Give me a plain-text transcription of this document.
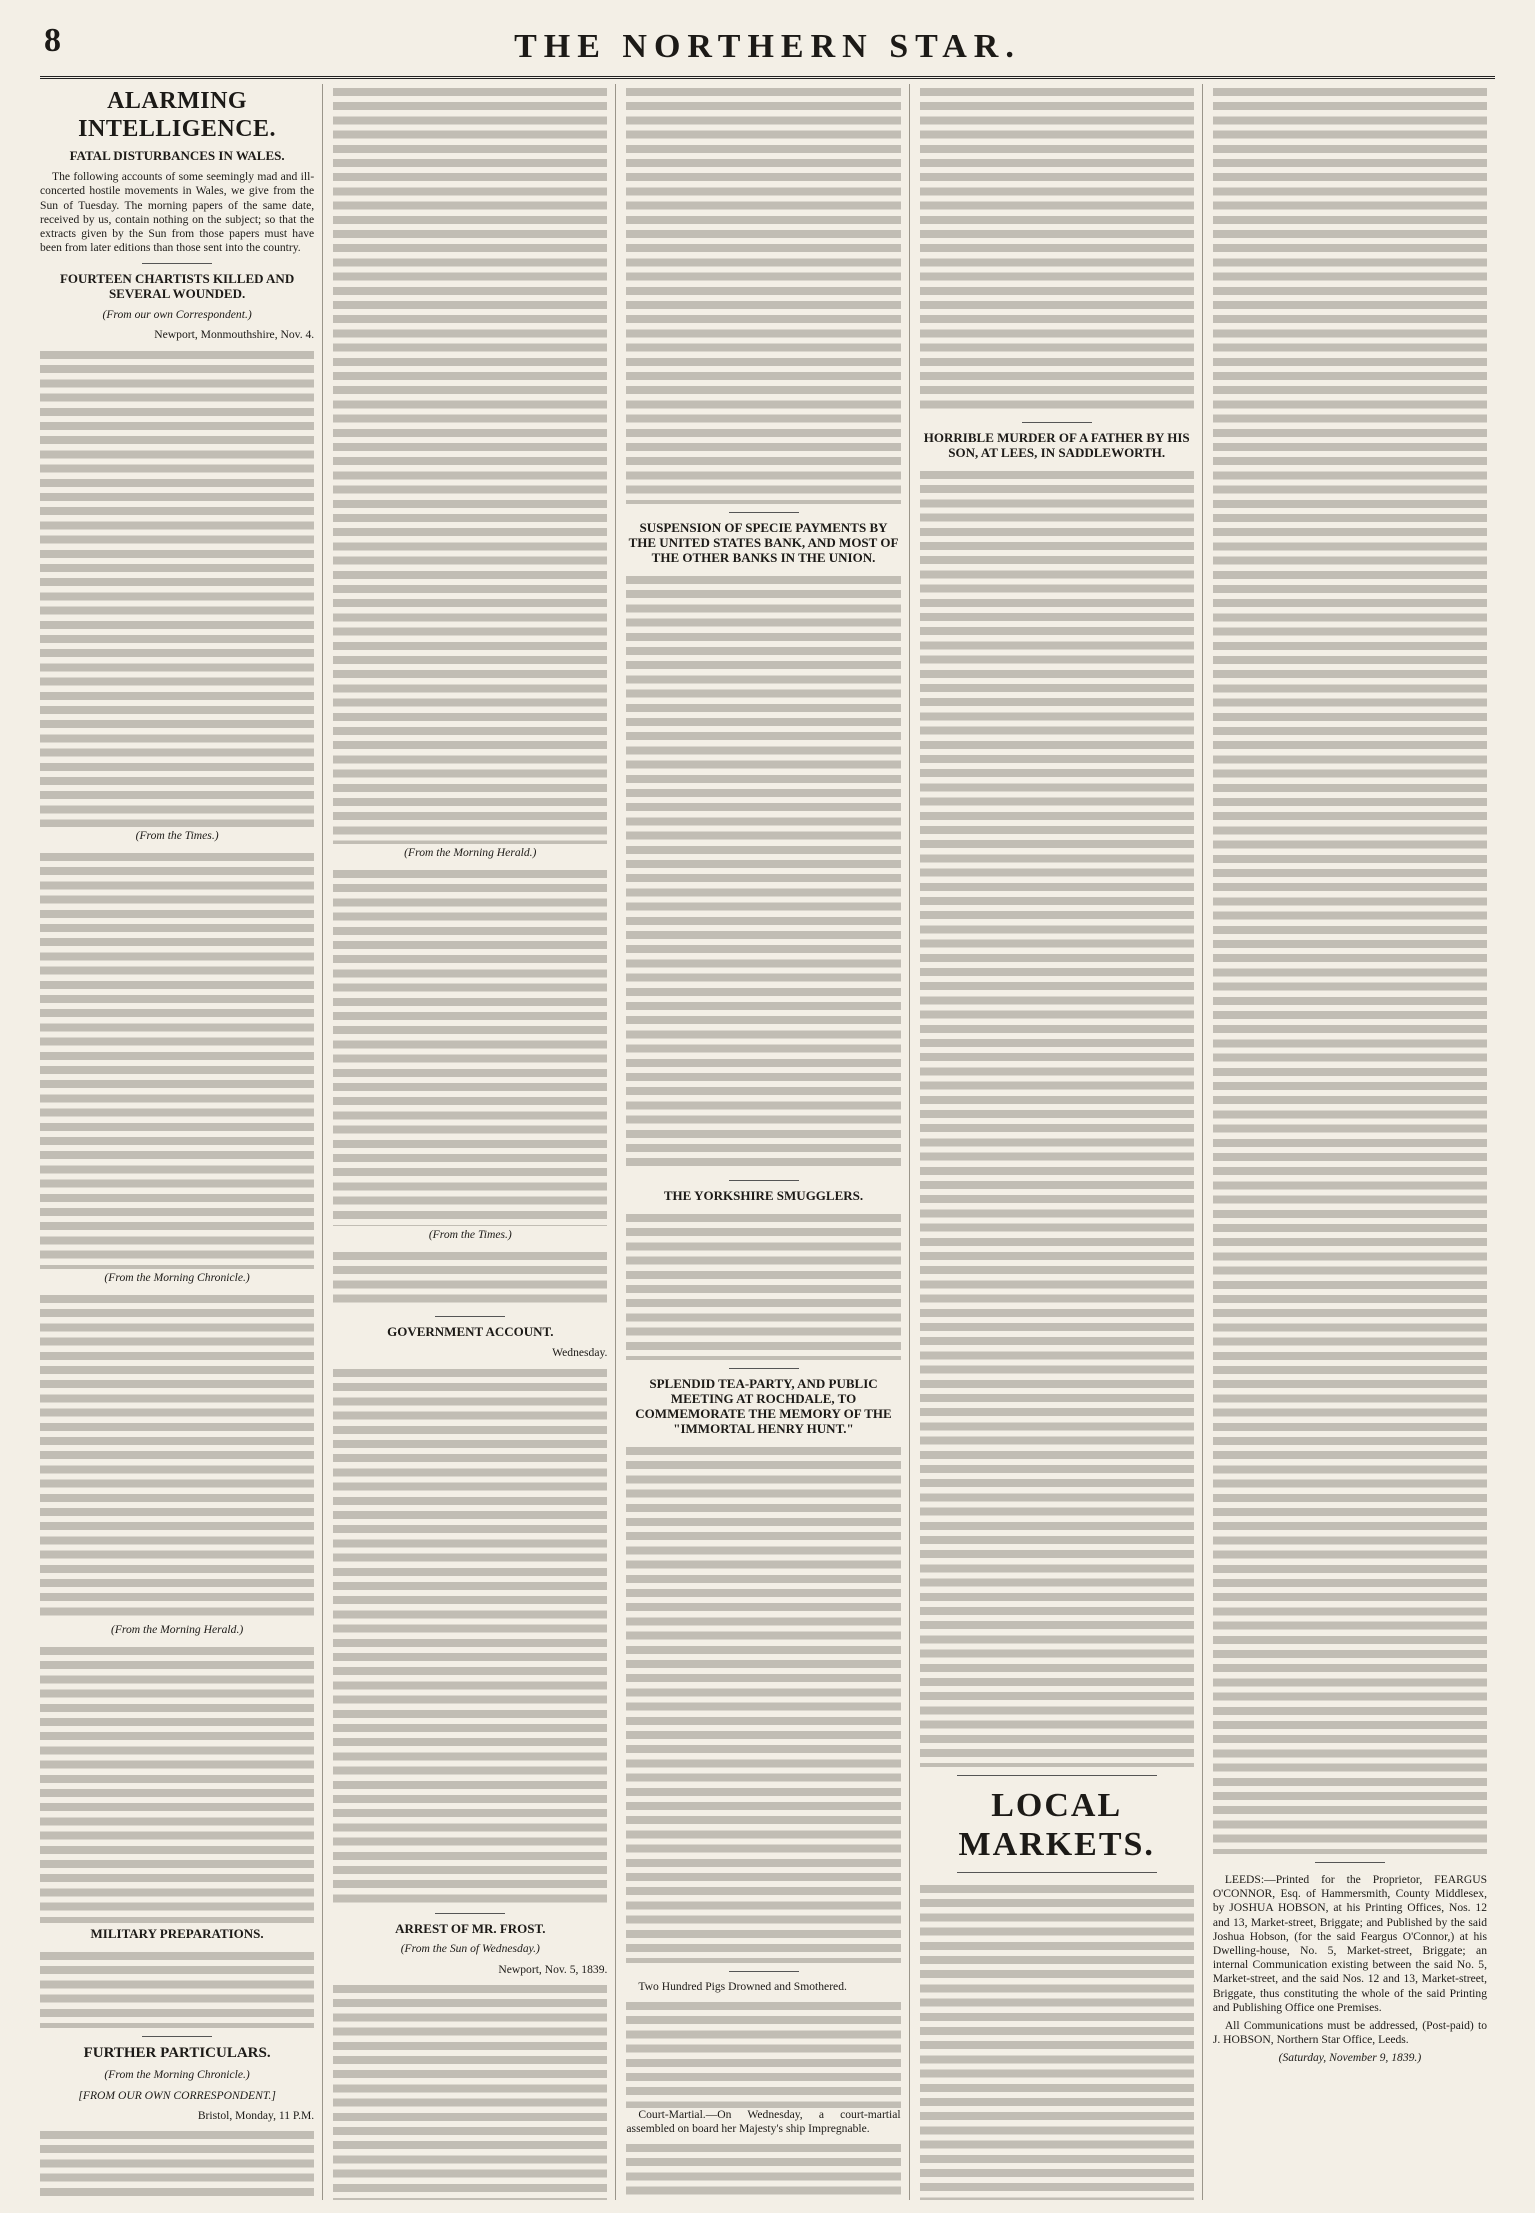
8	THE NORTHERN STAR.
ALARMING INTELLIGENCE.
FATAL DISTURBANCES IN WALES.

The following accounts of some seemingly mad and ill-concerted hostile movements in Wales, we give from the Sun of Tuesday. The morning papers of the same date, received by us, contain nothing on the subject; so that the extracts given by the Sun from those papers must have been from later editions than those sent into the country.

FOURTEEN CHARTISTS KILLED AND SEVERAL WOUNDED.
(From our own Correspondent.)
Newport, Monmouthshire, Nov. 4.
(From the Times.)
(From the Morning Chronicle.)
(From the Morning Herald.)
MILITARY PREPARATIONS.
FURTHER PARTICULARS.
(From the Morning Chronicle.)
[FROM OUR OWN CORRESPONDENT.]
Bristol, Monday, 11 P.M.
(From the Morning Herald.)
(From the Times.)
GOVERNMENT ACCOUNT.
Wednesday.
ARREST OF MR. FROST.
(From the Sun of Wednesday.)
Newport, Nov. 5, 1839.
SUSPENSION OF SPECIE PAYMENTS BY THE UNITED STATES BANK, AND MOST OF THE OTHER BANKS IN THE UNION.
THE YORKSHIRE SMUGGLERS.
SPLENDID TEA-PARTY, AND PUBLIC MEETING AT ROCHDALE, TO COMMEMORATE THE MEMORY OF THE "IMMORTAL HENRY HUNT."

Two Hundred Pigs Drowned and Smothered.

Court-Martial.—On Wednesday, a court-martial assembled on board her Majesty's ship Impregnable.

HORRIBLE MURDER OF A FATHER BY HIS SON, AT LEES, IN SADDLEWORTH.
LOCAL MARKETS.

LEEDS:—Printed for the Proprietor, FEARGUS O'CONNOR, Esq. of Hammersmith, County Middlesex, by JOSHUA HOBSON, at his Printing Offices, Nos. 12 and 13, Market-street, Briggate; and Published by the said Joshua Hobson, (for the said Feargus O'Connor,) at his Dwelling-house, No. 5, Market-street, Briggate; an internal Communication existing between the said No. 5, Market-street, and the said Nos. 12 and 13, Market-street, Briggate, thus constituting the whole of the said Printing and Publishing Office one Premises.

All Communications must be addressed, (Post-paid) to J. HOBSON, Northern Star Office, Leeds.

(Saturday, November 9, 1839.)
